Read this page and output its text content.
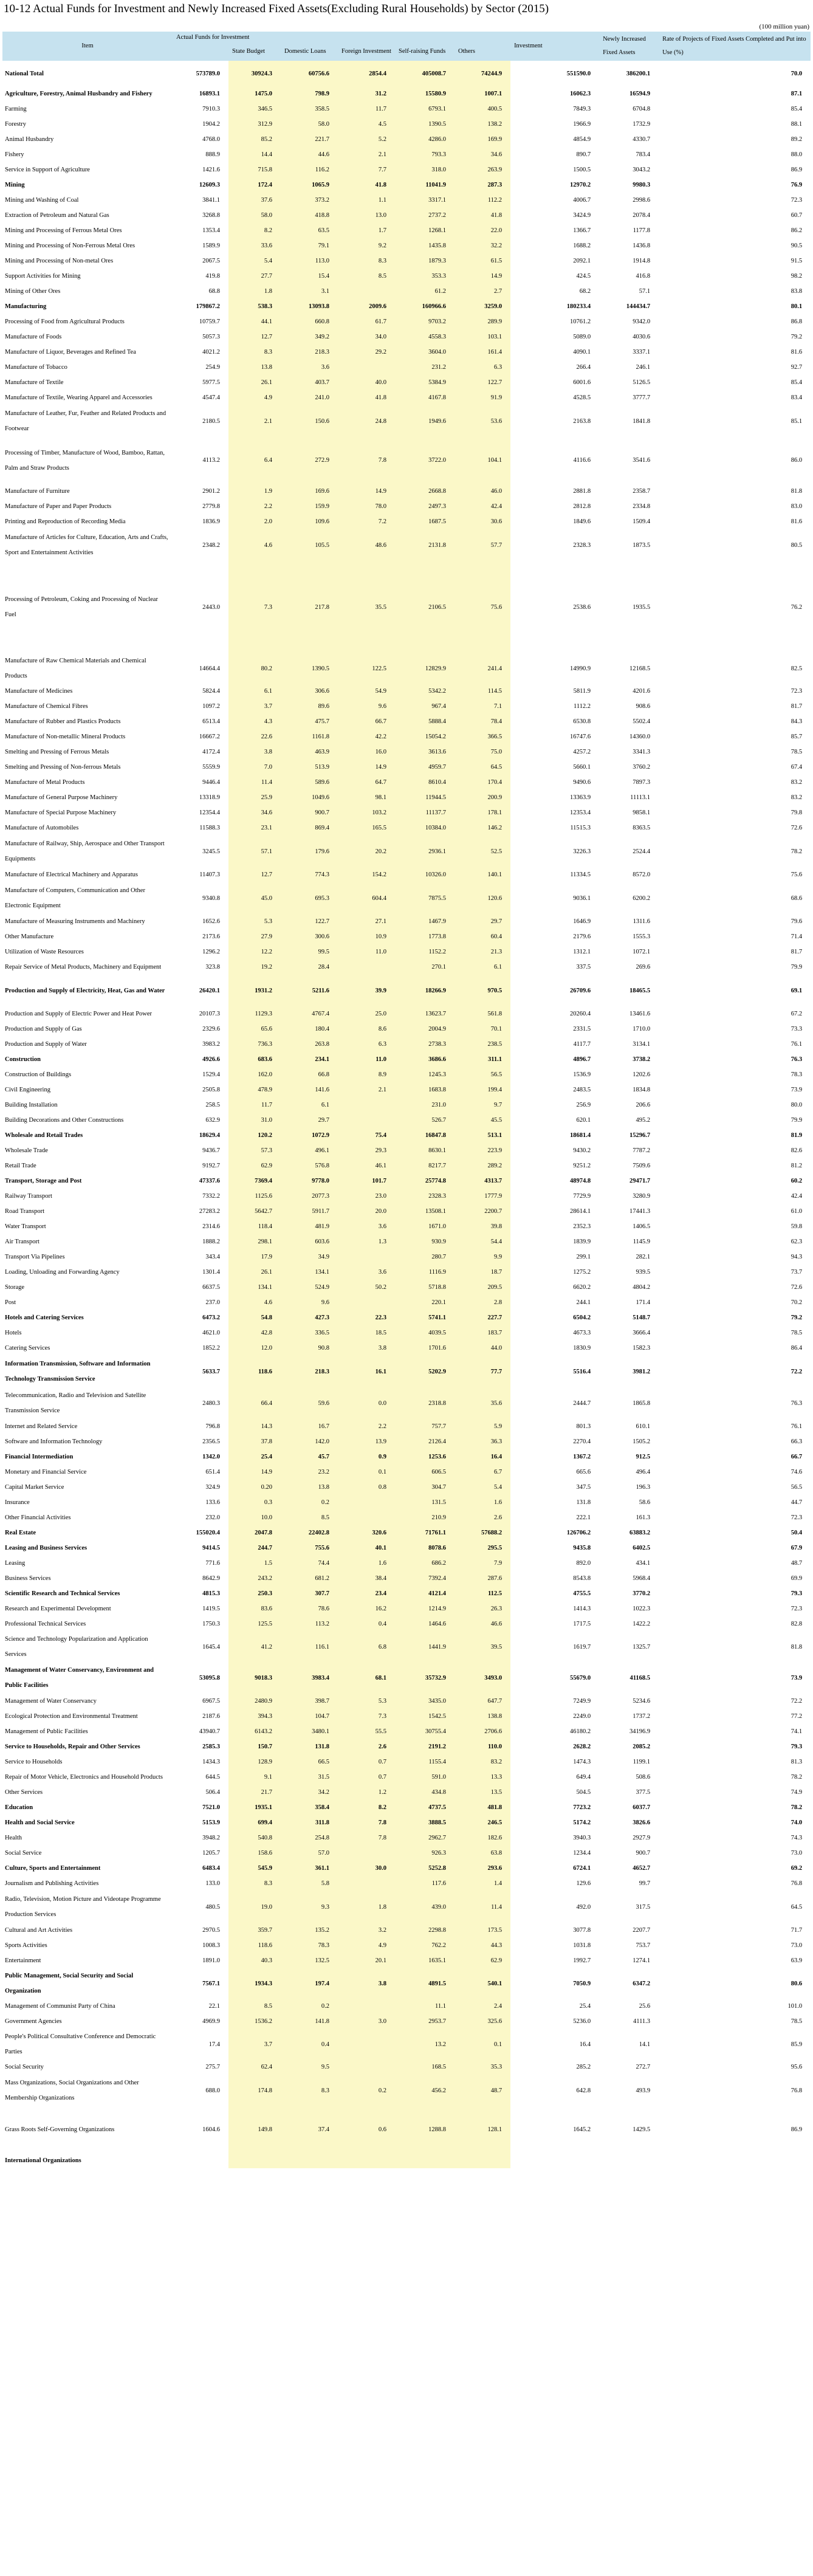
10-12 Actual Funds for Investment and Newly Increased Fixed Assets(Excluding Rural Households) by Sector (2015)
(100 million yuan)
Item	Actual Funds for Investment						Investment	Newly Increased Fixed Assets	Rate of Projects of Fixed Assets Completed and Put into Use (%)
		State Budget	Domestic Loans	Foreign Investment	Self-raising Funds	Others			
National Total	573789.0	30924.3	60756.6	2854.4	405008.7	74244.9	551590.0	386200.1	70.0
Agriculture, Forestry, Animal Husbandry and Fishery	16893.1	1475.0	798.9	31.2	15580.9	1007.1	16062.3	16594.9	87.1
Farming	7910.3	346.5	358.5	11.7	6793.1	400.5	7849.3	6704.8	85.4
Forestry	1904.2	312.9	58.0	4.5	1390.5	138.2	1966.9	1732.9	88.1
Animal Husbandry	4768.0	85.2	221.7	5.2	4286.0	169.9	4854.9	4330.7	89.2
Fishery	888.9	14.4	44.6	2.1	793.3	34.6	890.7	783.4	88.0
Service in Support of Agriculture	1421.6	715.8	116.2	7.7	318.0	263.9	1500.5	3043.2	86.9
Mining	12609.3	172.4	1065.9	41.8	11041.9	287.3	12970.2	9980.3	76.9
Mining and Washing of Coal	3841.1	37.6	373.2	1.1	3317.1	112.2	4006.7	2998.6	72.3
Extraction of Petroleum and Natural Gas	3268.8	58.0	418.8	13.0	2737.2	41.8	3424.9	2078.4	60.7
Mining and Processing of Ferrous Metal Ores	1353.4	8.2	63.5	1.7	1268.1	22.0	1366.7	1177.8	86.2
Mining and Processing of Non-Ferrous Metal Ores	1589.9	33.6	79.1	9.2	1435.8	32.2	1688.2	1436.8	90.5
Mining and Processing of Non-metal Ores	2067.5	5.4	113.0	8.3	1879.3	61.5	2092.1	1914.8	91.5
Support Activities for Mining	419.8	27.7	15.4	8.5	353.3	14.9	424.5	416.8	98.2
Mining of Other Ores	68.8	1.8	3.1		61.2	2.7	68.2	57.1	83.8
Manufacturing	179867.2	538.3	13093.8	2009.6	160966.6	3259.0	180233.4	144434.7	80.1
Processing of Food from Agricultural Products	10759.7	44.1	660.8	61.7	9703.2	289.9	10761.2	9342.0	86.8
Manufacture of Foods	5057.3	12.7	349.2	34.0	4558.3	103.1	5089.0	4030.6	79.2
Manufacture of Liquor, Beverages and Refined Tea	4021.2	8.3	218.3	29.2	3604.0	161.4	4090.1	3337.1	81.6
Manufacture of Tobacco	254.9	13.8	3.6		231.2	6.3	266.4	246.1	92.7
Manufacture of Textile	5977.5	26.1	403.7	40.0	5384.9	122.7	6001.6	5126.5	85.4
Manufacture of Textile, Wearing Apparel and Accessories	4547.4	4.9	241.0	41.8	4167.8	91.9	4528.5	3777.7	83.4
Manufacture of Leather, Fur, Feather and Related Products and Footwear	2180.5	2.1	150.6	24.8	1949.6	53.6	2163.8	1841.8	85.1
Processing of Timber, Manufacture of Wood, Bamboo, Rattan, Palm and Straw Products	4113.2	6.4	272.9	7.8	3722.0	104.1	4116.6	3541.6	86.0
Manufacture of Furniture	2901.2	1.9	169.6	14.9	2668.8	46.0	2881.8	2358.7	81.8
Manufacture of Paper and Paper Products	2779.8	2.2	159.9	78.0	2497.3	42.4	2812.8	2334.8	83.0
Printing and Reproduction of Recording Media	1836.9	2.0	109.6	7.2	1687.5	30.6	1849.6	1509.4	81.6
Manufacture of Articles for Culture, Education, Arts and Crafts, Sport and Entertainment Activities	2348.2	4.6	105.5	48.6	2131.8	57.7	2328.3	1873.5	80.5
Processing of Petroleum, Coking and Processing of Nuclear Fuel	2443.0	7.3	217.8	35.5	2106.5	75.6	2538.6	1935.5	76.2
Manufacture of Raw Chemical Materials and Chemical Products	14664.4	80.2	1390.5	122.5	12829.9	241.4	14990.9	12168.5	82.5
Manufacture of Medicines	5824.4	6.1	306.6	54.9	5342.2	114.5	5811.9	4201.6	72.3
Manufacture of Chemical Fibres	1097.2	3.7	89.6	9.6	967.4	7.1	1112.2	908.6	81.7
Manufacture of Rubber and Plastics Products	6513.4	4.3	475.7	66.7	5888.4	78.4	6530.8	5502.4	84.3
Manufacture of Non-metallic Mineral Products	16667.2	22.6	1161.8	42.2	15054.2	366.5	16747.6	14360.0	85.7
Smelting and Pressing of Ferrous Metals	4172.4	3.8	463.9	16.0	3613.6	75.0	4257.2	3341.3	78.5
Smelting and Pressing of Non-ferrous Metals	5559.9	7.0	513.9	14.9	4959.7	64.5	5660.1	3760.2	67.4
Manufacture of Metal Products	9446.4	11.4	589.6	64.7	8610.4	170.4	9490.6	7897.3	83.2
Manufacture of General Purpose Machinery	13318.9	25.9	1049.6	98.1	11944.5	200.9	13363.9	11113.1	83.2
Manufacture of Special Purpose Machinery	12354.4	34.6	900.7	103.2	11137.7	178.1	12353.4	9858.1	79.8
Manufacture of Automobiles	11588.3	23.1	869.4	165.5	10384.0	146.2	11515.3	8363.5	72.6
Manufacture of Railway, Ship, Aerospace and Other Transport Equipments	3245.5	57.1	179.6	20.2	2936.1	52.5	3226.3	2524.4	78.2
Manufacture of Electrical Machinery and Apparatus	11407.3	12.7	774.3	154.2	10326.0	140.1	11334.5	8572.0	75.6
Manufacture of Computers, Communication and Other Electronic Equipment	9340.8	45.0	695.3	604.4	7875.5	120.6	9036.1	6200.2	68.6
Manufacture of Measuring Instruments and Machinery	1652.6	5.3	122.7	27.1	1467.9	29.7	1646.9	1311.6	79.6
Other Manufacture	2173.6	27.9	300.6	10.9	1773.8	60.4	2179.6	1555.3	71.4
Utilization of Waste Resources	1296.2	12.2	99.5	11.0	1152.2	21.3	1312.1	1072.1	81.7
Repair Service of Metal Products, Machinery and Equipment	323.8	19.2	28.4		270.1	6.1	337.5	269.6	79.9
Production and Supply of Electricity, Heat, Gas and Water	26420.1	1931.2	5211.6	39.9	18266.9	970.5	26709.6	18465.5	69.1
Production and Supply of Electric Power and Heat Power	20107.3	1129.3	4767.4	25.0	13623.7	561.8	20260.4	13461.6	67.2
Production and Supply of Gas	2329.6	65.6	180.4	8.6	2004.9	70.1	2331.5	1710.0	73.3
Production and Supply of Water	3983.2	736.3	263.8	6.3	2738.3	238.5	4117.7	3134.1	76.1
Construction	4926.6	683.6	234.1	11.0	3686.6	311.1	4896.7	3738.2	76.3
Construction of Buildings	1529.4	162.0	66.8	8.9	1245.3	56.5	1536.9	1202.6	78.3
Civil Engineering	2505.8	478.9	141.6	2.1	1683.8	199.4	2483.5	1834.8	73.9
Building Installation	258.5	11.7	6.1		231.0	9.7	256.9	206.6	80.0
Building Decorations and Other Constructions	632.9	31.0	29.7		526.7	45.5	620.1	495.2	79.9
Wholesale and Retail Trades	18629.4	120.2	1072.9	75.4	16847.8	513.1	18681.4	15296.7	81.9
Wholesale Trade	9436.7	57.3	496.1	29.3	8630.1	223.9	9430.2	7787.2	82.6
Retail Trade	9192.7	62.9	576.8	46.1	8217.7	289.2	9251.2	7509.6	81.2
Transport, Storage and Post	47337.6	7369.4	9778.0	101.7	25774.8	4313.7	48974.8	29471.7	60.2
Railway Transport	7332.2	1125.6	2077.3	23.0	2328.3	1777.9	7729.9	3280.9	42.4
Road Transport	27283.2	5642.7	5911.7	20.0	13508.1	2200.7	28614.1	17441.3	61.0
Water Transport	2314.6	118.4	481.9	3.6	1671.0	39.8	2352.3	1406.5	59.8
Air Transport	1888.2	298.1	603.6	1.3	930.9	54.4	1839.9	1145.9	62.3
Transport Via Pipelines	343.4	17.9	34.9		280.7	9.9	299.1	282.1	94.3
Loading, Unloading and Forwarding Agency	1301.4	26.1	134.1	3.6	1116.9	18.7	1275.2	939.5	73.7
Storage	6637.5	134.1	524.9	50.2	5718.8	209.5	6620.2	4804.2	72.6
Post	237.0	4.6	9.6		220.1	2.8	244.1	171.4	70.2
Hotels and Catering Services	6473.2	54.8	427.3	22.3	5741.1	227.7	6504.2	5148.7	79.2
Hotels	4621.0	42.8	336.5	18.5	4039.5	183.7	4673.3	3666.4	78.5
Catering Services	1852.2	12.0	90.8	3.8	1701.6	44.0	1830.9	1582.3	86.4
Information Transmission, Software and Information Technology Transmission Service	5633.7	118.6	218.3	16.1	5202.9	77.7	5516.4	3981.2	72.2
Telecommunication, Radio and Television and Satellite Transmission Service	2480.3	66.4	59.6	0.0	2318.8	35.6	2444.7	1865.8	76.3
Internet and Related Service	796.8	14.3	16.7	2.2	757.7	5.9	801.3	610.1	76.1
Software and Information Technology	2356.5	37.8	142.0	13.9	2126.4	36.3	2270.4	1505.2	66.3
Financial Intermediation	1342.0	25.4	45.7	0.9	1253.6	16.4	1367.2	912.5	66.7
Monetary and Financial Service	651.4	14.9	23.2	0.1	606.5	6.7	665.6	496.4	74.6
Capital Market Service	324.9	0.20	13.8	0.8	304.7	5.4	347.5	196.3	56.5
Insurance	133.6	0.3	0.2		131.5	1.6	131.8	58.6	44.7
Other Financial Activities	232.0	10.0	8.5		210.9	2.6	222.1	161.3	72.3
Real Estate	155020.4	2047.8	22402.8	320.6	71761.1	57688.2	126706.2	63883.2	50.4
Leasing and Business Services	9414.5	244.7	755.6	40.1	8078.6	295.5	9435.8	6402.5	67.9
Leasing	771.6	1.5	74.4	1.6	686.2	7.9	892.0	434.1	48.7
Business Services	8642.9	243.2	681.2	38.4	7392.4	287.6	8543.8	5968.4	69.9
Scientific Research and Technical Services	4815.3	250.3	307.7	23.4	4121.4	112.5	4755.5	3770.2	79.3
Research and Experimental Development	1419.5	83.6	78.6	16.2	1214.9	26.3	1414.3	1022.3	72.3
Professional Technical Services	1750.3	125.5	113.2	0.4	1464.6	46.6	1717.5	1422.2	82.8
Science and Technology Popularization and Application Services	1645.4	41.2	116.1	6.8	1441.9	39.5	1619.7	1325.7	81.8
Management of Water Conservancy, Environment and Public Facilities	53095.8	9018.3	3983.4	68.1	35732.9	3493.0	55679.0	41168.5	73.9
Management of Water Conservancy	6967.5	2480.9	398.7	5.3	3435.0	647.7	7249.9	5234.6	72.2
Ecological Protection and Environmental Treatment	2187.6	394.3	104.7	7.3	1542.5	138.8	2249.0	1737.2	77.2
Management of Public Facilities	43940.7	6143.2	3480.1	55.5	30755.4	2706.6	46180.2	34196.9	74.1
Service to Households, Repair and Other Services	2585.3	150.7	131.8	2.6	2191.2	110.0	2628.2	2085.2	79.3
Service to Households	1434.3	128.9	66.5	0.7	1155.4	83.2	1474.3	1199.1	81.3
Repair of Motor Vehicle, Electronics and Household Products	644.5	9.1	31.5	0.7	591.0	13.3	649.4	508.6	78.2
Other Services	506.4	21.7	34.2	1.2	434.8	13.5	504.5	377.5	74.9
Education	7521.0	1935.1	358.4	8.2	4737.5	481.8	7723.2	6037.7	78.2
Health and Social Service	5153.9	699.4	311.8	7.8	3888.5	246.5	5174.2	3826.6	74.0
Health	3948.2	540.8	254.8	7.8	2962.7	182.6	3940.3	2927.9	74.3
Social Service	1205.7	158.6	57.0		926.3	63.8	1234.4	900.7	73.0
Culture, Sports and Entertainment	6483.4	545.9	361.1	30.0	5252.8	293.6	6724.1	4652.7	69.2
Journalism and Publishing Activities	133.0	8.3	5.8		117.6	1.4	129.6	99.7	76.8
Radio, Television, Motion Picture and Videotape Programme Production Services	480.5	19.0	9.3	1.8	439.0	11.4	492.0	317.5	64.5
Cultural and Art Activities	2970.5	359.7	135.2	3.2	2298.8	173.5	3077.8	2207.7	71.7
Sports Activities	1008.3	118.6	78.3	4.9	762.2	44.3	1031.8	753.7	73.0
Entertainment	1891.0	40.3	132.5	20.1	1635.1	62.9	1992.7	1274.1	63.9
Public Management, Social Security and Social Organization	7567.1	1934.3	197.4	3.8	4891.5	540.1	7050.9	6347.2	80.6
Management of Communist Party of China	22.1	8.5	0.2		11.1	2.4	25.4	25.6	101.0
Government Agencies	4969.9	1536.2	141.8	3.0	2953.7	325.6	5236.0	4111.3	78.5
People's Political Consultative Conference and Democratic Parties	17.4	3.7	0.4		13.2	0.1	16.4	14.1	85.9
Social Security	275.7	62.4	9.5		168.5	35.3	285.2	272.7	95.6
Mass Organizations, Social Organizations and Other Membership Organizations	688.0	174.8	8.3	0.2	456.2	48.7	642.8	493.9	76.8
Grass Roots Self-Governing Organizations	1604.6	149.8	37.4	0.6	1288.8	128.1	1645.2	1429.5	86.9
International Organizations									
